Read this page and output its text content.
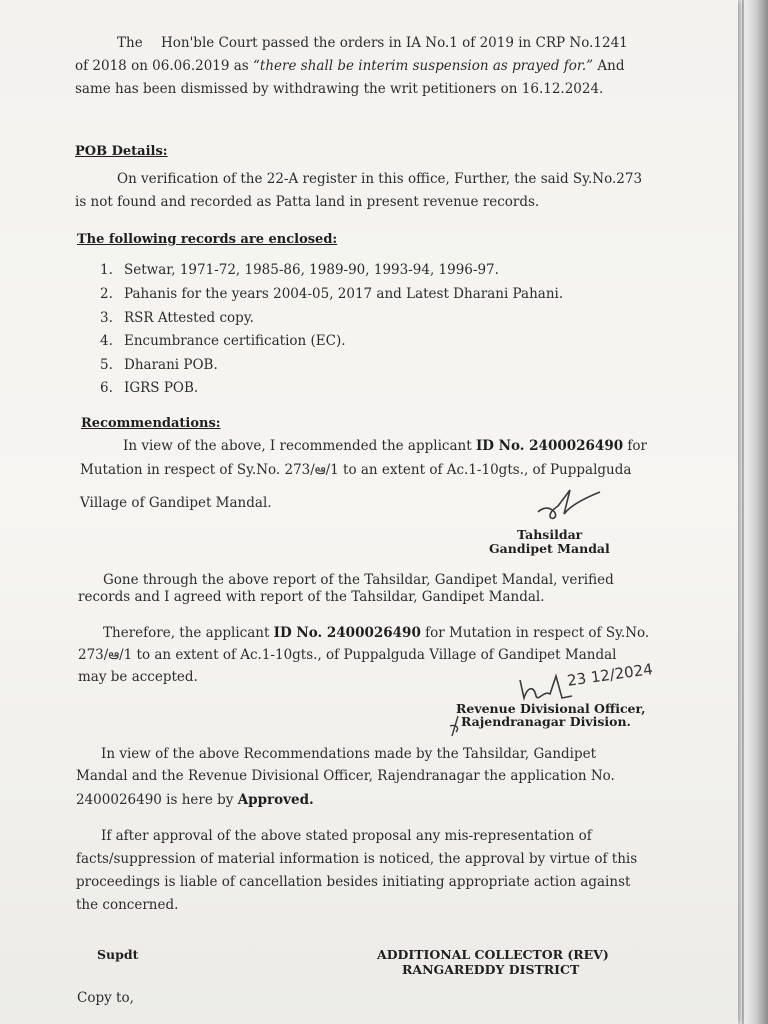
The Hon'ble Court passed the orders in IA No.1 of 2019 in CRP No.1241
of 2018 on 06.06.2019 as “there shall be interim suspension as prayed for.” And
same has been dismissed by withdrawing the writ petitioners on 16.12.2024.
POB Details:
On verification of the 22-A register in this office, Further, the said Sy.No.273
is not found and recorded as Patta land in present revenue records.
The following records are enclosed:
1. Setwar, 1971-72, 1985-86, 1989-90, 1993-94, 1996-97.
2. Pahanis for the years 2004-05, 2017 and Latest Dharani Pahani.
3. RSR Attested copy.
4. Encumbrance certification (EC).
5. Dharani POB.
6. IGRS POB.
Recommendations:
In view of the above, I recommended the applicant ID No. 2400026490 for
Mutation in respect of Sy.No. 273/ఆ/1 to an extent of Ac.1-10gts., of Puppalguda
Village of Gandipet Mandal.
Tahsildar
Gandipet Mandal
Gone through the above report of the Tahsildar, Gandipet Mandal, verified
records and I agreed with report of the Tahsildar, Gandipet Mandal.
Therefore, the applicant ID No. 2400026490 for Mutation in respect of Sy.No.
273/ఆ/1 to an extent of Ac.1-10gts., of Puppalguda Village of Gandipet Mandal
may be accepted.	23 12/2024
Revenue Divisional Officer,
Rajendranagar Division.
In view of the above Recommendations made by the Tahsildar, Gandipet
Mandal and the Revenue Divisional Officer, Rajendranagar the application No.
2400026490 is here by Approved.
If after approval of the above stated proposal any mis-representation of
facts/suppression of material information is noticed, the approval by virtue of this
proceedings is liable of cancellation besides initiating appropriate action against
the concerned.
Supdt	ADDITIONAL COLLECTOR (REV)
RANGAREDDY DISTRICT
Copy to,
